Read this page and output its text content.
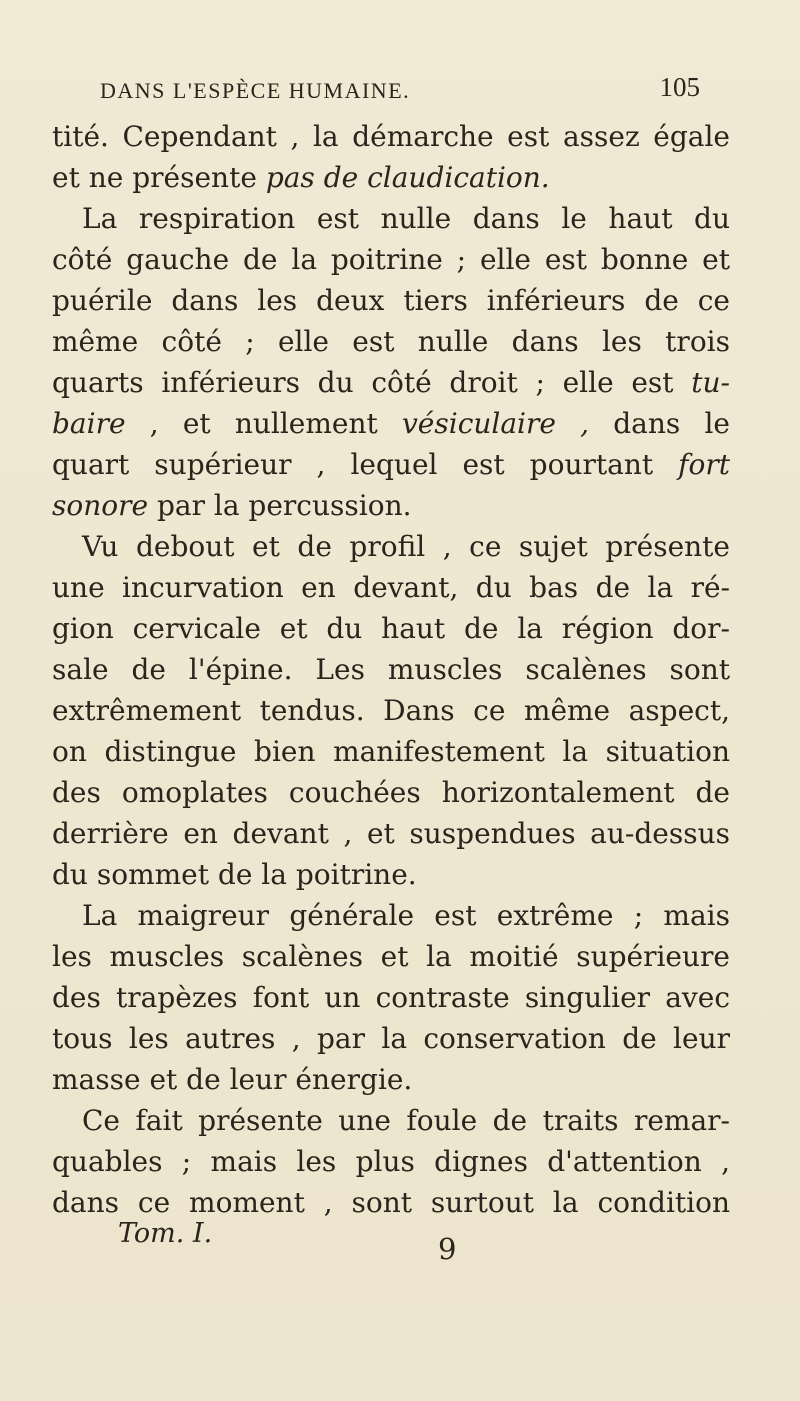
DANS L'ESPÈCE HUMAINE.	105
tité. Cependant , la démarche est assez égale
et ne présente pas de claudication.
La respiration est nulle dans le haut du
côté gauche de la poitrine ; elle est bonne et
puérile dans les deux tiers inférieurs de ce
même côté ; elle est nulle dans les trois
quarts inférieurs du côté droit ; elle est tu-
baire , et nullement vésiculaire , dans le
quart supérieur , lequel est pourtant fort
sonore par la percussion.
Vu debout et de profil , ce sujet présente
une incurvation en devant, du bas de la ré-
gion cervicale et du haut de la région dor-
sale de l'épine. Les muscles scalènes sont
extrêmement tendus. Dans ce même aspect,
on distingue bien manifestement la situation
des omoplates couchées horizontalement de
derrière en devant , et suspendues au-dessus
du sommet de la poitrine.
La maigreur générale est extrême ; mais
les muscles scalènes et la moitié supérieure
des trapèzes font un contraste singulier avec
tous les autres , par la conservation de leur
masse et de leur énergie.
Ce fait présente une foule de traits remar-
quables ; mais les plus dignes d'attention ,
dans ce moment , sont surtout la condition
Tom. I.	9
